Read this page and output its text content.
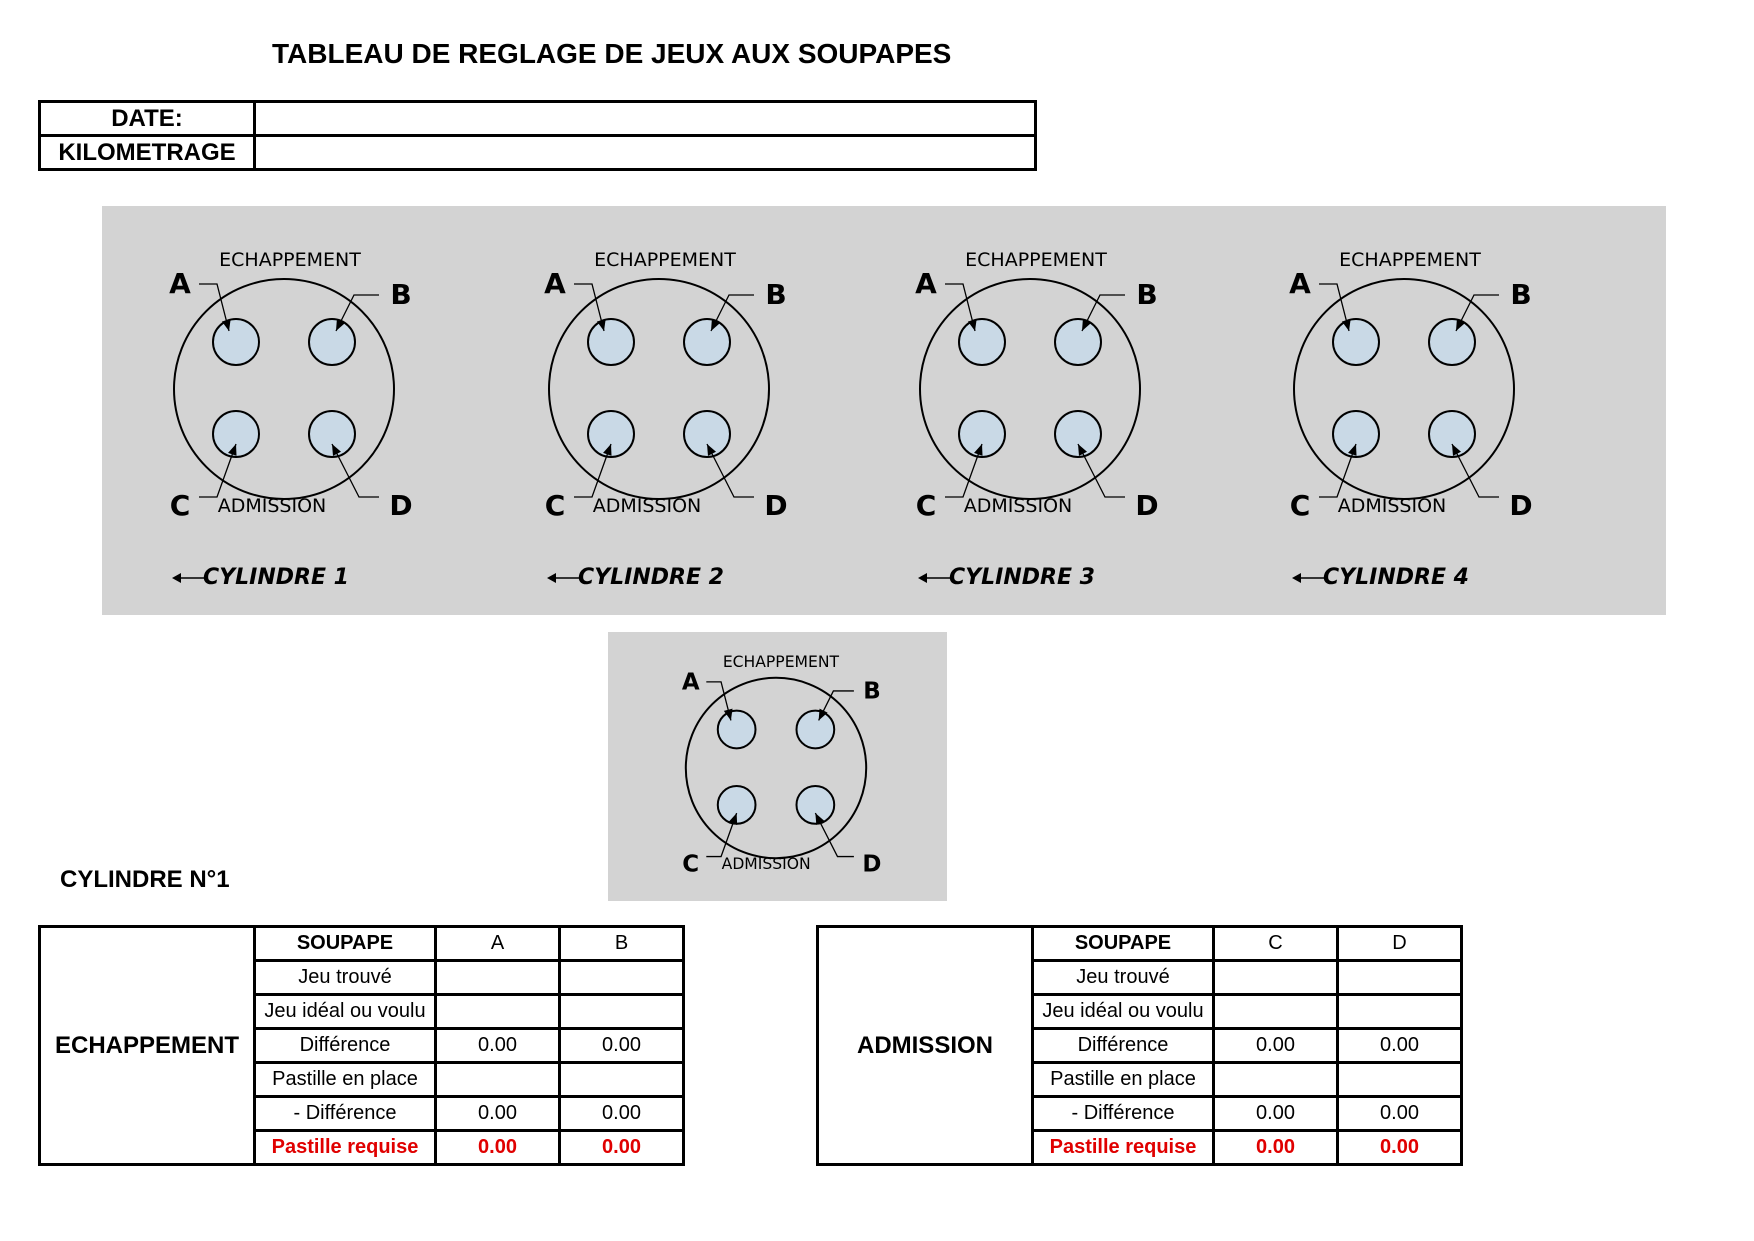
TABLEAU DE REGLAGE DE JEUX AUX SOUPAPES
DATE:	
KILOMETRAGE	
A	B
C	D
ECHAPPEMENT
ADMISSION
CYLINDRE 1
A	B
C	D
ECHAPPEMENT
ADMISSION
CYLINDRE 2
A	B
C	D
ECHAPPEMENT
ADMISSION
CYLINDRE 3
A	B
C	D
ECHAPPEMENT
ADMISSION
CYLINDRE 4
A	B
C	D
ECHAPPEMENT
ADMISSION
CYLINDRE N°1
ECHAPPEMENT	SOUPAPE	A	B
	Jeu trouvé		
	Jeu idéal ou voulu		
	Différence	0.00	0.00
	Pastille en place		
	- Différence	0.00	0.00
	Pastille requise	0.00	0.00
ADMISSION	SOUPAPE	C	D
	Jeu trouvé		
	Jeu idéal ou voulu		
	Différence	0.00	0.00
	Pastille en place		
	- Différence	0.00	0.00
	Pastille requise	0.00	0.00
